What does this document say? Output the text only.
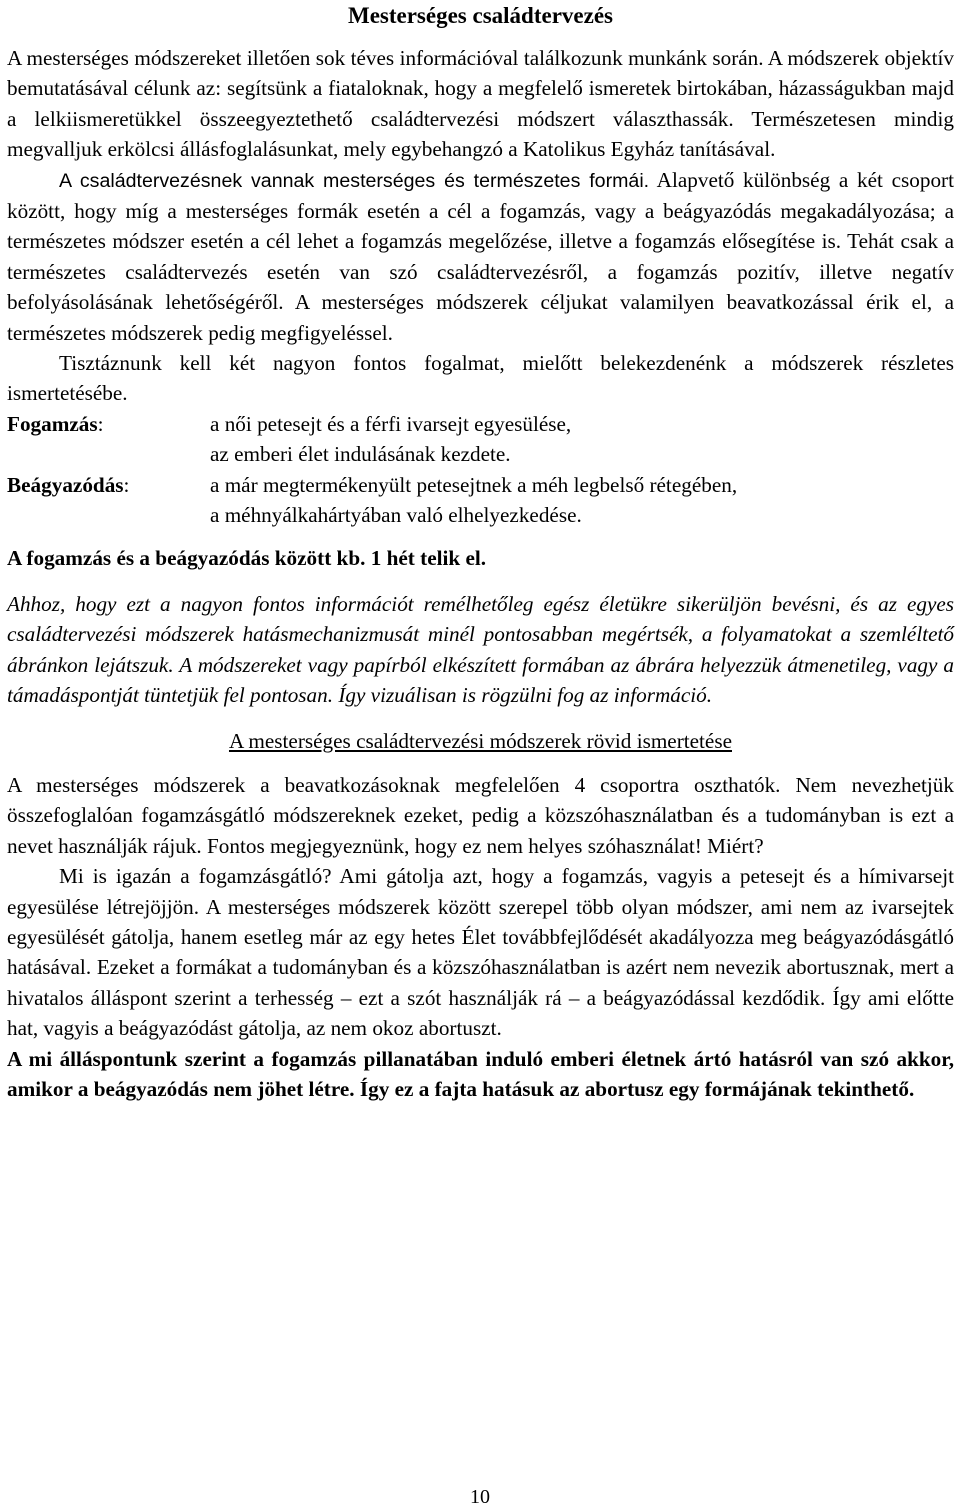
Mesterséges családtervezés

A mesterséges módszereket illetően sok téves információval találkozunk munkánk során. A módszerek objektív bemutatásával célunk az: segítsünk a fiataloknak, hogy a megfelelő ismeretek birtokában, házasságukban majd a lelkiismeretükkel összeegyeztethető családtervezési módszert választhassák. Természetesen mindig megvalljuk erkölcsi állásfoglalásunkat, mely egybehangzó a Katolikus Egyház tanításával.

A családtervezésnek vannak mesterséges és természetes formái. Alapvető különbség a két csoport között, hogy míg a mesterséges formák esetén a cél a fogamzás, vagy a beágyazódás megakadályozása; a természetes módszer esetén a cél lehet a fogamzás megelőzése, illetve a fogamzás elősegítése is. Tehát csak a természetes családtervezés esetén van szó családtervezésről, a fogamzás pozitív, illetve negatív befolyásolásának lehetőségéről. A mesterséges módszerek céljukat valamilyen beavatkozással érik el, a természetes módszerek pedig megfigyeléssel.

Tisztáznunk kell két nagyon fontos fogalmat, mielőtt belekezdenénk a módszerek részletes ismertetésébe.

Fogamzás:	a női petesejt és a férfi ivarsejt egyesülése,
az emberi élet indulásának kezdete.

Beágyazódás:	a már megtermékenyült petesejtnek a méh legbelső rétegében,
a méhnyálkahártyában való elhelyezkedése.

A fogamzás és a beágyazódás között kb. 1 hét telik el.

Ahhoz, hogy ezt a nagyon fontos információt remélhetőleg egész életükre sikerüljön bevésni, és az egyes családtervezési módszerek hatásmechanizmusát minél pontosabban megértsék, a folyamatokat a szemléltető ábránkon lejátszuk. A módszereket vagy papírból elkészített formában az ábrára helyezzük átmenetileg, vagy a támadáspontját tüntetjük fel pontosan. Így vizuálisan is rögzülni fog az információ.

A mesterséges családtervezési módszerek rövid ismertetése

A mesterséges módszerek a beavatkozásoknak megfelelően 4 csoportra oszthatók. Nem nevezhetjük összefoglalóan fogamzásgátló módszereknek ezeket, pedig a közszóhasználatban és a tudományban is ezt a nevet használják rájuk. Fontos megjegyeznünk, hogy ez nem helyes szóhasználat! Miért?

Mi is igazán a fogamzásgátló? Ami gátolja azt, hogy a fogamzás, vagyis a petesejt és a hímivarsejt egyesülése létrejöjjön. A mesterséges módszerek között szerepel több olyan módszer, ami nem az ivarsejtek egyesülését gátolja, hanem esetleg már az egy hetes Élet továbbfejlődését akadályozza meg beágyazódásgátló hatásával. Ezeket a formákat a tudományban és a közszóhasználatban is azért nem nevezik abortusznak, mert a hivatalos álláspont szerint a terhesség – ezt a szót használják rá – a beágyazódással kezdődik. Így ami előtte hat, vagyis a beágyazódást gátolja, az nem okoz abortuszt.

A mi álláspontunk szerint a fogamzás pillanatában induló emberi életnek ártó hatásról van szó akkor, amikor a beágyazódás nem jöhet létre. Így ez a fajta hatásuk az abortusz egy formájának tekinthető.

10
